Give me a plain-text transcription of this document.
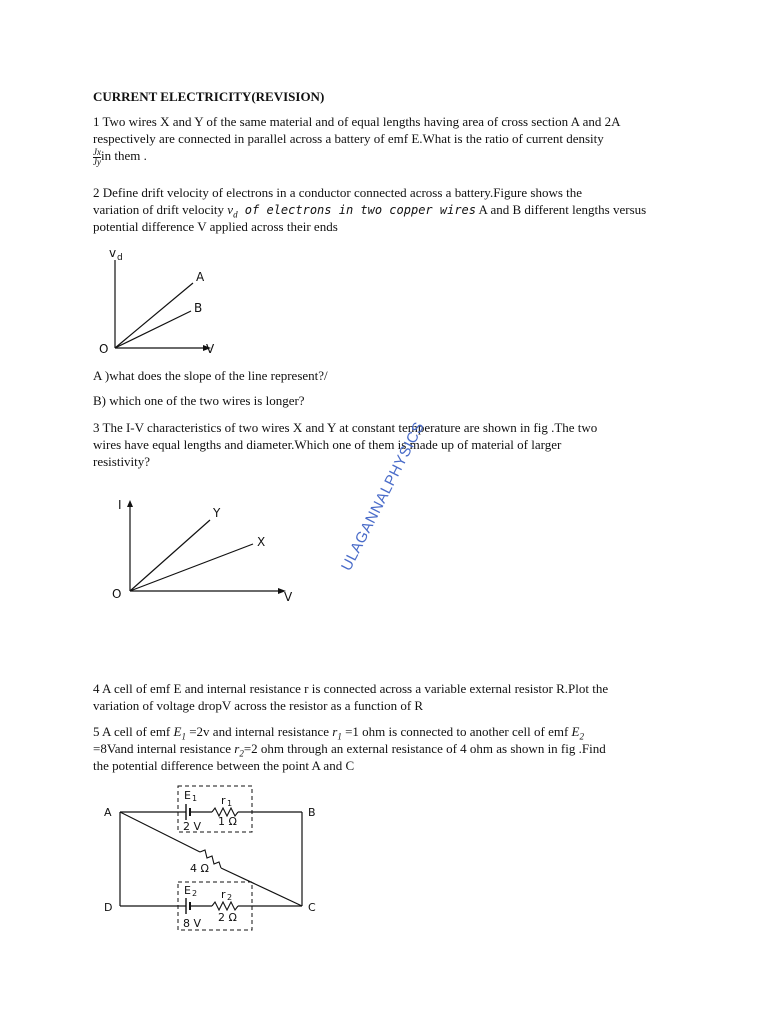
CURRENT ELECTRICITY(REVISION)
1 Two wires X and Y of the same material and of equal lengths having area of cross section A and 2A
respectively are connected in parallel across a battery of emf E.What is the ratio of current density
$\frac{Jx}{Jy}$ in them .
2 Define drift velocity of electrons in a conductor connected across a battery.Figure shows the
variation of drift velocity $v_d$ of electrons in two copper wires A and B different lengths versus
potential difference V applied across their ends
v d
A
B
O	V
A )what does the slope of the line represent?/
B) which one of the two wires is longer?
3 The I-V characteristics of two wires X and Y at constant temperature are shown in fig .The two
wires have equal lengths and diameter.Which one of them is made up of material of larger
resistivity?
I
Y
X
O	V
ULAGANNALPHYSICS
4 A cell of emf E and internal resistance r is connected across a variable external resistor R.Plot the
variation of voltage dropV across the resistor as a function of R
5 A cell of emf $E_1 =2v$ and internal resistance $r_1 =1$ ohm is connected to another cell of emf $E_2$
=8Vand internal resistance $r_2=2$ ohm through an external resistance of 4 ohm as shown in fig .Find
the potential difference between the point A and C
E 1 r 1
2 V 1 Ω
4 Ω
E 2 r 2
8 V 2 Ω
A	B
C
D
